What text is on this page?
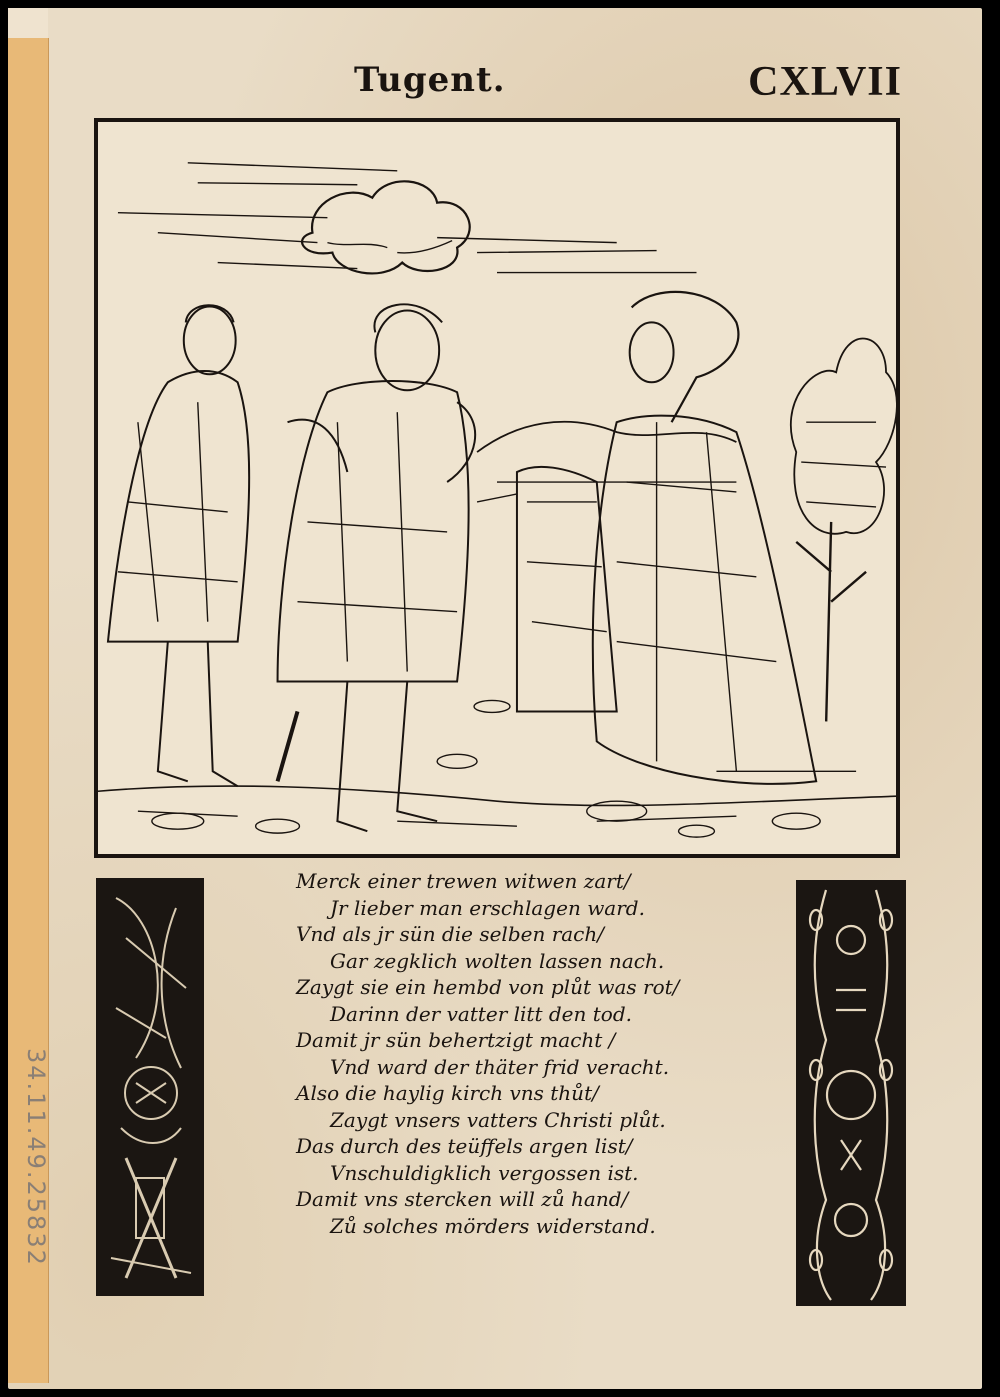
Tugent.	CXLVII
Merck einer trewen witwen zart/
Jr lieber man erschlagen ward.
Vnd als jr sün die selben rach/
Gar zegklich wolten lassen nach.
Zaygt sie ein hembd von plůt was rot/
Darinn der vatter litt den tod.
Damit jr sün behertzigt macht /
Vnd ward der thäter frid veracht.
Also die haylig kirch vns thůt/
Zaygt vnsers vatters Christi plůt.
Das durch des teüffels argen list/
Vnschuldigklich vergossen ist.
Damit vns stercken will zů hand/
Zů solches mörders widerstand.
34.11.49.25832
